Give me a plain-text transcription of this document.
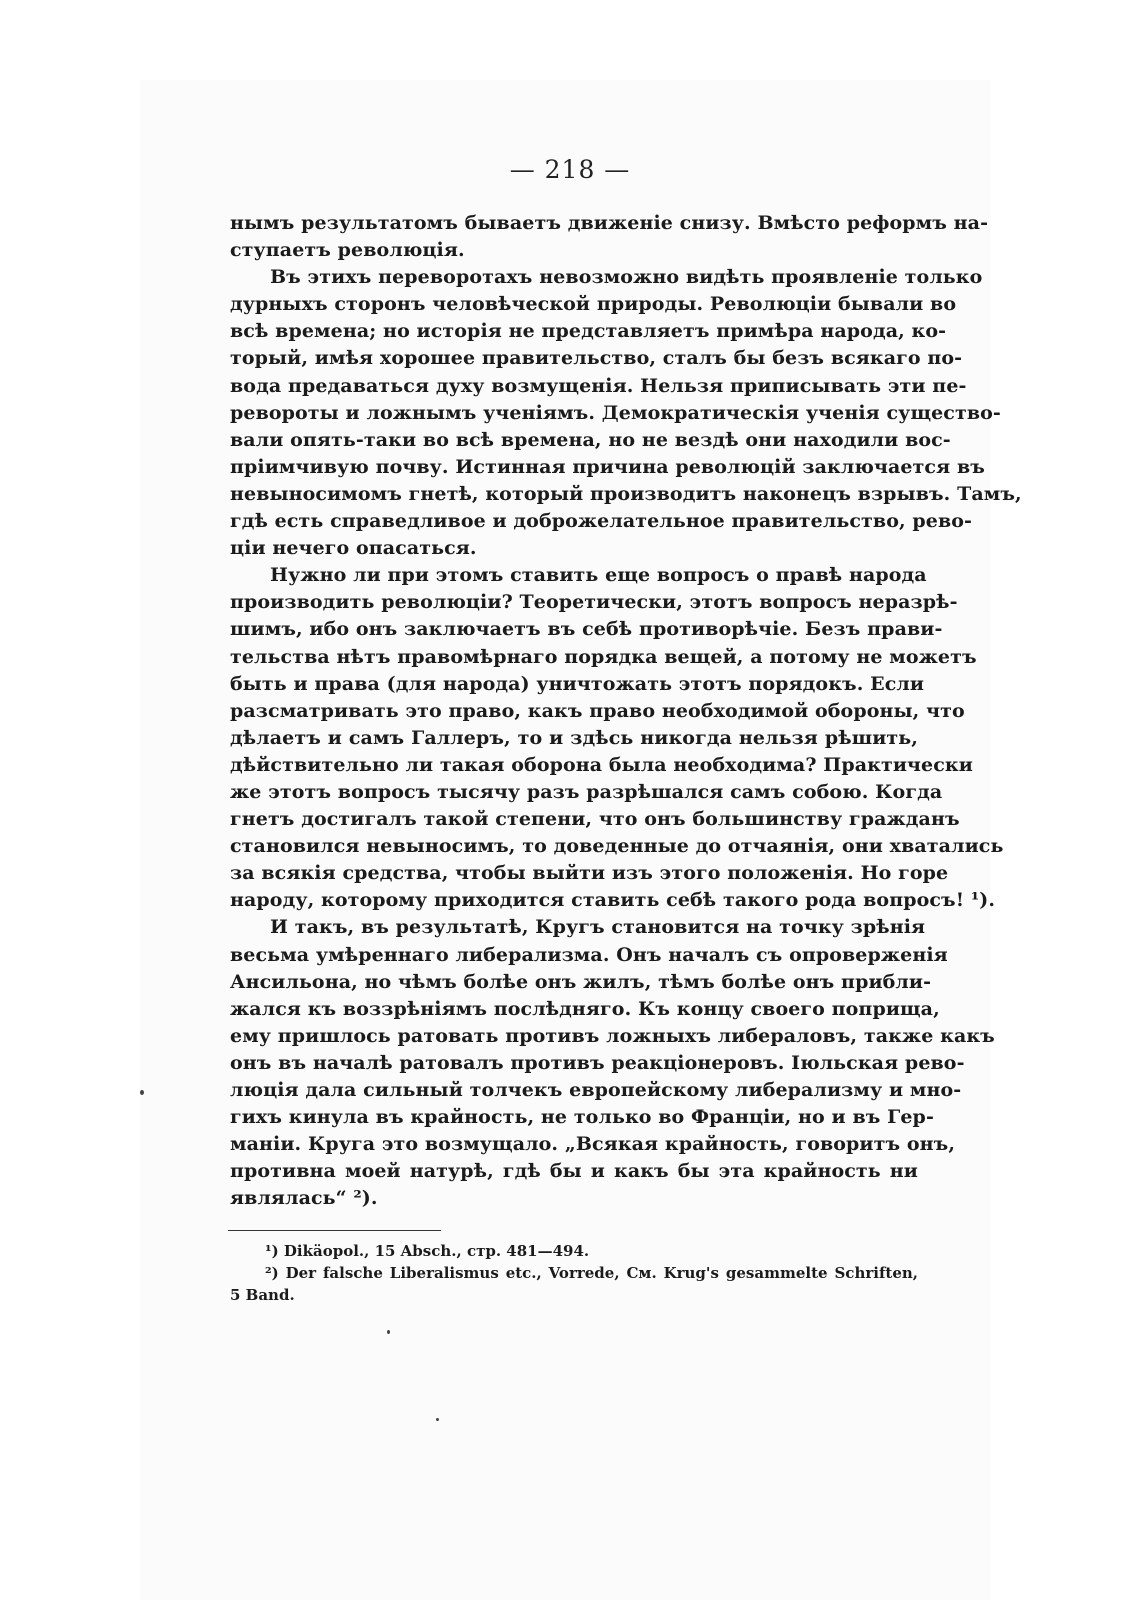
— 218 —
нымъ результатомъ бываетъ движеніе снизу. Вмѣсто реформъ на-
ступаетъ революція.
Въ этихъ переворотахъ невозможно видѣть проявленіе только
дурныхъ сторонъ человѣческой природы. Революціи бывали во
всѣ времена; но исторія не представляетъ примѣра народа, ко-
торый, имѣя хорошее правительство, сталъ бы безъ всякаго по-
вода предаваться духу возмущенія. Нельзя приписывать эти пе-
ревороты и ложнымъ ученіямъ. Демократическія ученія существо-
вали опять-таки во всѣ времена, но не вездѣ они находили вос-
пріимчивую почву. Истинная причина революцій заключается въ
невыносимомъ гнетѣ, который производитъ наконецъ взрывъ. Тамъ,
гдѣ есть справедливое и доброжелательное правительство, рево-
ціи нечего опасаться.
Нужно ли при этомъ ставить еще вопросъ о правѣ народа
производить революціи? Теоретически, этотъ вопросъ неразрѣ-
шимъ, ибо онъ заключаетъ въ себѣ противорѣчіе. Безъ прави-
тельства нѣтъ правомѣрнаго порядка вещей, а потому не можетъ
быть и права (для народа) уничтожать этотъ порядокъ. Если
разсматривать это право, какъ право необходимой обороны, что
дѣлаетъ и самъ Галлеръ, то и здѣсь никогда нельзя рѣшить,
дѣйствительно ли такая оборона была необходима? Практически
же этотъ вопросъ тысячу разъ разрѣшался самъ собою. Когда
гнетъ достигалъ такой степени, что онъ большинству гражданъ
становился невыносимъ, то доведенные до отчаянія, они хватались
за всякія средства, чтобы выйти изъ этого положенія. Но горе
народу, которому приходится ставить себѣ такого рода вопросъ! ¹).
И такъ, въ результатѣ, Кругъ становится на точку зрѣнія
весьма умѣреннаго либерализма. Онъ началъ съ опроверженія
Ансильона, но чѣмъ болѣе онъ жилъ, тѣмъ болѣе онъ прибли-
жался къ воззрѣніямъ послѣдняго. Къ концу своего поприща,
ему пришлось ратовать противъ ложныхъ либераловъ, также какъ
онъ въ началѣ ратовалъ противъ реакціонеровъ. Іюльская рево-
люція дала сильный толчекъ европейскому либерализму и мно-
гихъ кинула въ крайность, не только во Франціи, но и въ Гер-
маніи. Круга это возмущало. „Всякая крайность, говоритъ онъ,
противна моей натурѣ, гдѣ бы и какъ бы эта крайность ни
являлась“ ²).
¹) Dikäopol., 15 Absch., стр. 481—494.
²) Der falsche Liberalismus etc., Vorrede, См. Krug's gesammelte Schriften,
5 Band.
